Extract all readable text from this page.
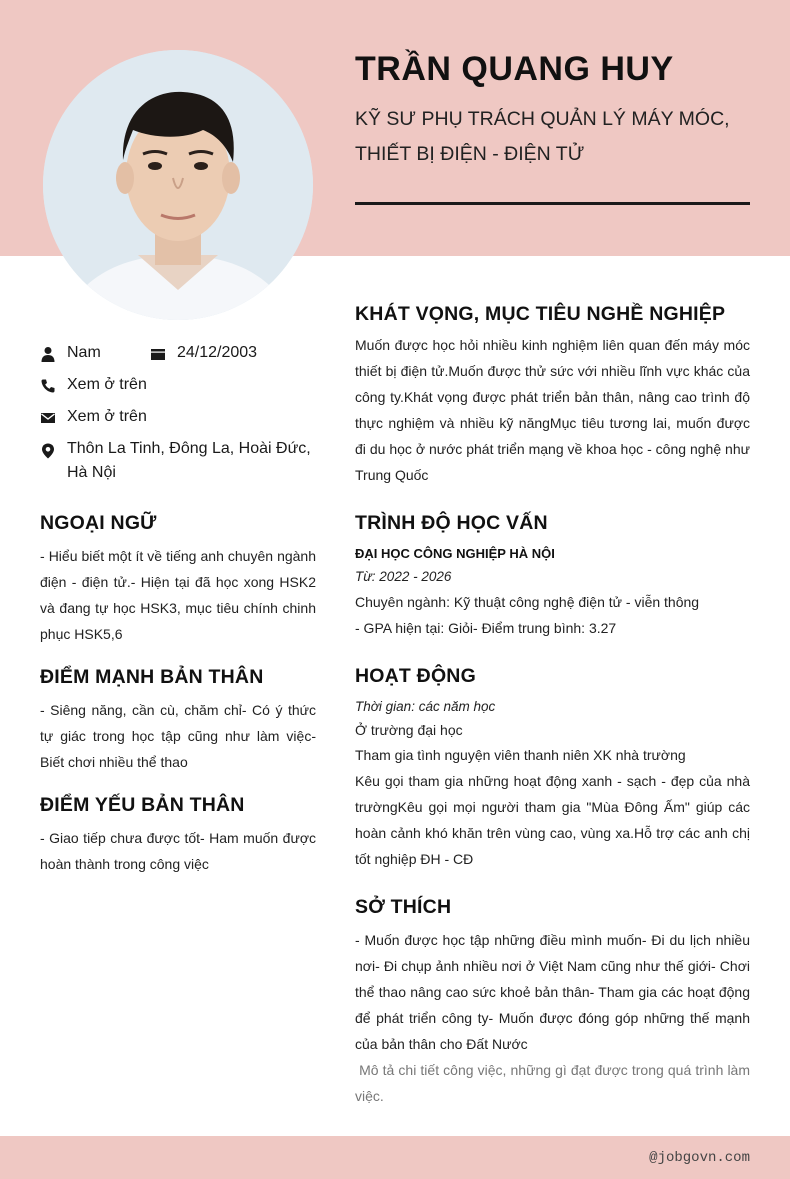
TRẦN QUANG HUY
KỸ SƯ PHỤ TRÁCH QUẢN LÝ MÁY MÓC,
THIẾT BỊ ĐIỆN - ĐIỆN TỬ
Nam	24/12/2003
Xem ở trên
Xem ở trên
Thôn La Tinh, Đông La, Hoài Đức, Hà Nội
NGOẠI NGỮ
- Hiểu biết một ít về tiếng anh chuyên ngành điện - điện tử.- Hiện tại đã học xong HSK2 và đang tự học HSK3, mục tiêu chính chinh phục HSK5,6
ĐIỂM MẠNH BẢN THÂN
- Siêng năng, cần cù, chăm chỉ- Có ý thức tự giác trong học tập cũng như làm việc- Biết chơi nhiều thể thao
ĐIỂM YẾU BẢN THÂN
- Giao tiếp chưa được tốt- Ham muốn được hoàn thành trong công việc
KHÁT VỌNG, MỤC TIÊU NGHỀ NGHIỆP
Muốn được học hỏi nhiều kinh nghiệm liên quan đến máy móc thiết bị điện tử.Muốn được thử sức với nhiều lĩnh vực khác của công ty.Khát vọng được phát triển bản thân, nâng cao trình độ thực nghiệm và nhiều kỹ năngMục tiêu tương lai, muốn được đi du học ở nước phát triển mạng về khoa học - công nghệ như Trung Quốc
TRÌNH ĐỘ HỌC VẤN
ĐẠI HỌC CÔNG NGHIỆP HÀ NỘI
Từ: 2022 - 2026
Chuyên ngành: Kỹ thuật công nghệ điện tử - viễn thông
- GPA hiện tại: Giỏi- Điểm trung bình: 3.27
HOẠT ĐỘNG
Thời gian: các năm học
Ở trường đại học
Tham gia tình nguyện viên thanh niên XK nhà trường
Kêu gọi tham gia những hoạt động xanh - sạch - đẹp của nhà trườngKêu gọi mọi người tham gia "Mùa Đông Ấm" giúp các hoàn cảnh khó khăn trên vùng cao, vùng xa.Hỗ trợ các anh chị tốt nghiệp ĐH - CĐ
SỞ THÍCH
- Muốn được học tập những điều mình muốn- Đi du lịch nhiều nơi- Đi chụp ảnh nhiều nơi ở Việt Nam cũng như thế giới- Chơi thể thao nâng cao sức khoẻ bản thân- Tham gia các hoạt động để phát triển công ty- Muốn được đóng góp những thế mạnh của bản thân cho Đất Nước
Mô tả chi tiết công việc, những gì đạt được trong quá trình làm việc.
@jobgovn.com
